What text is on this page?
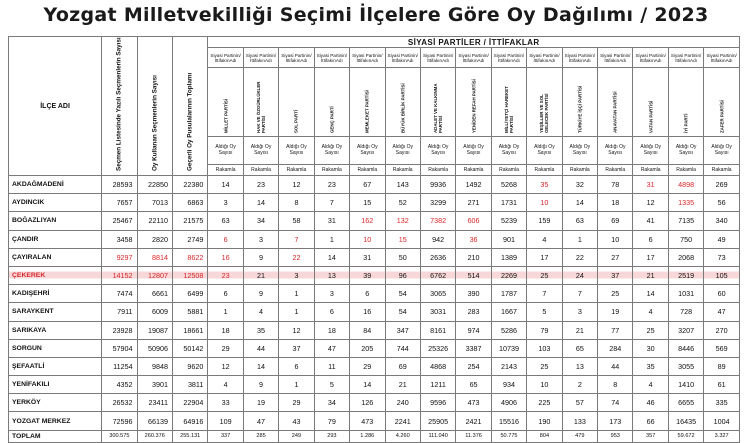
Yozgat Milletvekilliği Seçimi İlçelere Göre Oy Dağılımı / 2023
İLÇE ADI	Seçmen Listesinde Yazılı Seçmenlerin Sayısı	Oy Kullanan Seçmenlerin Sayısı	Geçerli Oy Pusulalarının Toplamı	SİYASİ PARTİLER / İTTİFAKLAR														
				Siyasi Partinin/ İttifakınAdı	Siyasi Partinin/ İttifakınAdı	Siyasi Partinin/ İttifakınAdı	Siyasi Partinin/ İttifakınAdı	Siyasi Partinin/ İttifakınAdı	Siyasi Partinin/ İttifakınAdı	Siyasi Partinin/ İttifakınAdı	Siyasi Partinin/ İttifakınAdı	Siyasi Partinin/ İttifakınAdı	Siyasi Partinin/ İttifakınAdı	Siyasi Partinin/ İttifakınAdı	Siyasi Partinin/ İttifakınAdı	Siyasi Partinin/ İttifakınAdı	Siyasi Partinin/ İttifakınAdı	Siyasi Partinin/ İttifakınAdı

				MİLLET PARTİSİ	HAK VE ÖZGÜRLÜKLER PARTİSİ	SOL PARTİ	GENÇ PARTİ	MEMLEKET PARTİSİ	BÜYÜK BİRLİK PARTİSİ	ADALET VE KALKINMA PARTİSİ	YENİDEN REFAH PARTİSİ	MİLLİYETÇİ HAREKET PARTİSİ	YEŞİLLER VE SOL GELECEK PARTİSİ	TÜRKİYE İŞÇİ PARTİSİ	ANAVATAN PARTİSİ	VATAN PARTİSİ	İYİ PARTİ	ZAFER PARTİSİ

				Aldığı Oy Sayısı	Aldığı Oy Sayısı	Aldığı Oy Sayısı	Aldığı Oy Sayısı	Aldığı Oy Sayısı	Aldığı Oy Sayısı	Aldığı Oy Sayısı	Aldığı Oy Sayısı	Aldığı Oy Sayısı	Aldığı Oy Sayısı	Aldığı Oy Sayısı	Aldığı Oy Sayısı	Aldığı Oy Sayısı	Aldığı Oy Sayısı	Aldığı Oy Sayısı
				Rakamla	Rakamla	Rakamla	Rakamla	Rakamla	Rakamla	Rakamla	Rakamla	Rakamla	Rakamla	Rakamla	Rakamla	Rakamla	Rakamla	Rakamla
AKDAĞMADENİ	28593	22850	22380	14	23	12	23	67	143	9936	1492	5268	35	32	78	31	4898	269
AYDINCIK	7657	7013	6863	3	14	8	7	15	52	3299	271	1731	10	14	18	12	1335	56
BOĞAZLIYAN	25467	22110	21575	63	34	58	31	162	132	7382	606	5239	159	63	69	41	7135	340
ÇANDIR	3458	2820	2749	6	3	7	1	10	15	942	36	901	4	1	10	6	750	49
ÇAYIRALAN	9297	8814	8622	16	9	22	14	31	50	2636	210	1389	17	22	27	17	2068	73
ÇEKEREK	14152	12807	12508	23	21	3	13	39	96	6762	514	2269	25	24	37	21	2519	105
KADIŞEHRİ	7474	6661	6499	6	9	1	3	6	54	3065	390	1787	7	7	25	14	1031	60
SARAYKENT	7911	6009	5881	1	4	1	6	16	54	3031	283	1667	5	3	19	4	728	47
SARIKAYA	23928	19087	18661	18	35	12	18	84	347	8161	974	5286	79	21	77	25	3207	270
SORGUN	57904	50906	50142	29	44	37	47	205	744	25326	3387	10739	103	65	284	30	8446	569
ŞEFAATLİ	11254	9848	9620	12	14	6	11	29	69	4868	254	2143	25	13	44	35	3055	89
YENİFAKILI	4352	3901	3811	4	9	1	5	14	21	1211	65	934	10	2	8	4	1410	61
YERKÖY	26532	23411	22904	33	19	29	34	126	240	9596	473	4906	225	57	74	46	6655	335
YOZGAT MERKEZ	72596	66139	64916	109	47	43	79	473	2241	25905	2421	15516	190	133	173	66	16435	1004
TOPLAM	300.575	260.376	255.131	337	285	249	293	1.286	4.260	111.040	11.376	50.775	804	479	953	357	59.672	3.327
